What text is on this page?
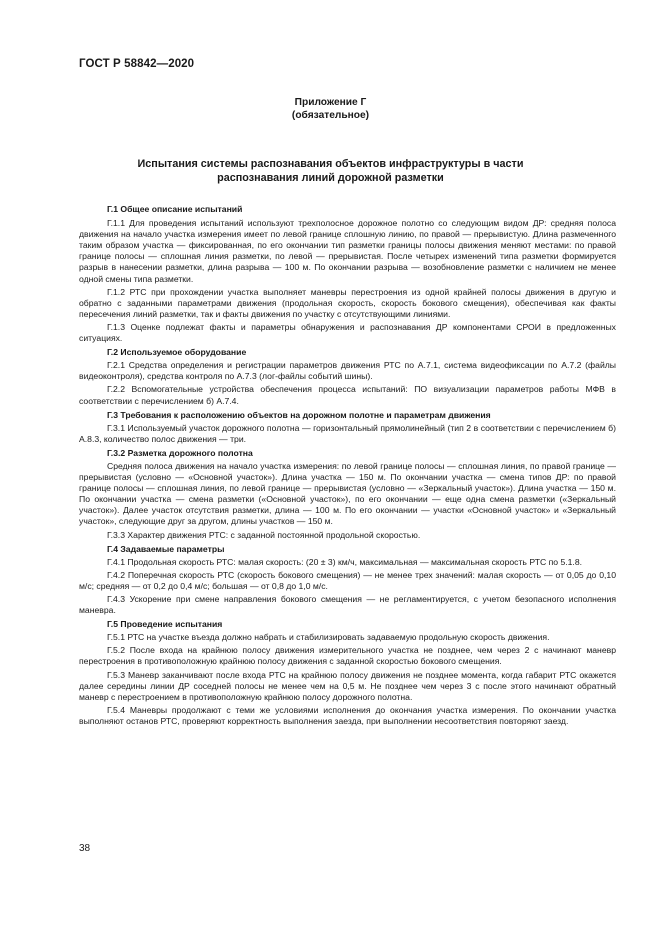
ГОСТ Р 58842—2020
Приложение Г
(обязательное)
Испытания системы распознавания объектов инфраструктуры в части распознавания линий дорожной разметки
Г.1 Общее описание испытаний

Г.1.1 Для проведения испытаний используют трехполосное дорожное полотно со следующим видом ДР: средняя полоса движения на начало участка измерения имеет по левой границе сплошную линию, по правой — прерывистую. Длина размеченного таким образом участка — фиксированная, по его окончании тип разметки границы полосы движения меняют местами: по правой границе полосы — сплошная линия разметки, по левой — прерывистая. После четырех изменений типа разметки формируется разрыв в нанесении разметки, длина разрыва — 100 м. По окончании разрыва — возобновление разметки с наличием не менее одной смены типа разметки.

Г.1.2 РТС при прохождении участка выполняет маневры перестроения из одной крайней полосы движения в другую и обратно с заданными параметрами движения (продольная скорость, скорость бокового смещения), обеспечивая как факты пересечения линий разметки, так и факты движения по участку с отсутствующими линиями.

Г.1.3 Оценке подлежат факты и параметры обнаружения и распознавания ДР компонентами СРОИ в предложенных ситуациях.

Г.2 Используемое оборудование

Г.2.1 Средства определения и регистрации параметров движения РТС по А.7.1, система видеофиксации по А.7.2 (файлы видеоконтроля), средства контроля по А.7.3 (лог-файлы событий шины).

Г.2.2 Вспомогательные устройства обеспечения процесса испытаний: ПО визуализации параметров работы МФВ в соответствии с перечислением б) А.7.4.

Г.3 Требования к расположению объектов на дорожном полотне и параметрам движения

Г.3.1 Используемый участок дорожного полотна — горизонтальный прямолинейный (тип 2 в соответствии с перечислением б) А.8.3, количество полос движения — три.

Г.3.2 Разметка дорожного полотна

Средняя полоса движения на начало участка измерения: по левой границе полосы — сплошная линия, по правой границе — прерывистая (условно — «Основной участок»). Длина участка — 150 м. По окончании участка — смена типов ДР: по правой границе полосы — сплошная линия, по левой границе — прерывистая (условно — «Зеркальный участок»). Длина участка — 150 м. По окончании участка — смена разметки («Основной участок»), по его окончании — еще одна смена разметки («Зеркальный участок»). Далее участок отсутствия разметки, длина — 100 м. По его окончании — участки «Основной участок» и «Зеркальный участок», следующие друг за другом, длины участков — 150 м.

Г.3.3 Характер движения РТС: с заданной постоянной продольной скоростью.

Г.4 Задаваемые параметры

Г.4.1 Продольная скорость РТС: малая скорость: (20 ± 3) км/ч, максимальная — максимальная скорость РТС по 5.1.8.

Г.4.2 Поперечная скорость РТС (скорость бокового смещения) — не менее трех значений: малая скорость — от 0,05 до 0,10 м/с; средняя — от 0,2 до 0,4 м/с; большая — от 0,8 до 1,0 м/с.

Г.4.3 Ускорение при смене направления бокового смещения — не регламентируется, с учетом безопасного исполнения маневра.

Г.5 Проведение испытания

Г.5.1 РТС на участке въезда должно набрать и стабилизировать задаваемую продольную скорость движения.

Г.5.2 После входа на крайнюю полосу движения измерительного участка не позднее, чем через 2 с начинают маневр перестроения в противоположную крайнюю полосу движения с заданной скоростью бокового смещения.

Г.5.3 Маневр заканчивают после входа РТС на крайнюю полосу движения не позднее момента, когда габарит РТС окажется далее середины линии ДР соседней полосы не менее чем на 0,5 м. Не позднее чем через 3 с после этого начинают обратный маневр с перестроением в противоположную крайнюю полосу дорожного полотна.

Г.5.4 Маневры продолжают с теми же условиями исполнения до окончания участка измерения. По окончании участка выполняют останов РТС, проверяют корректность выполнения заезда, при выполнении несоответствия повторяют заезд.

38
